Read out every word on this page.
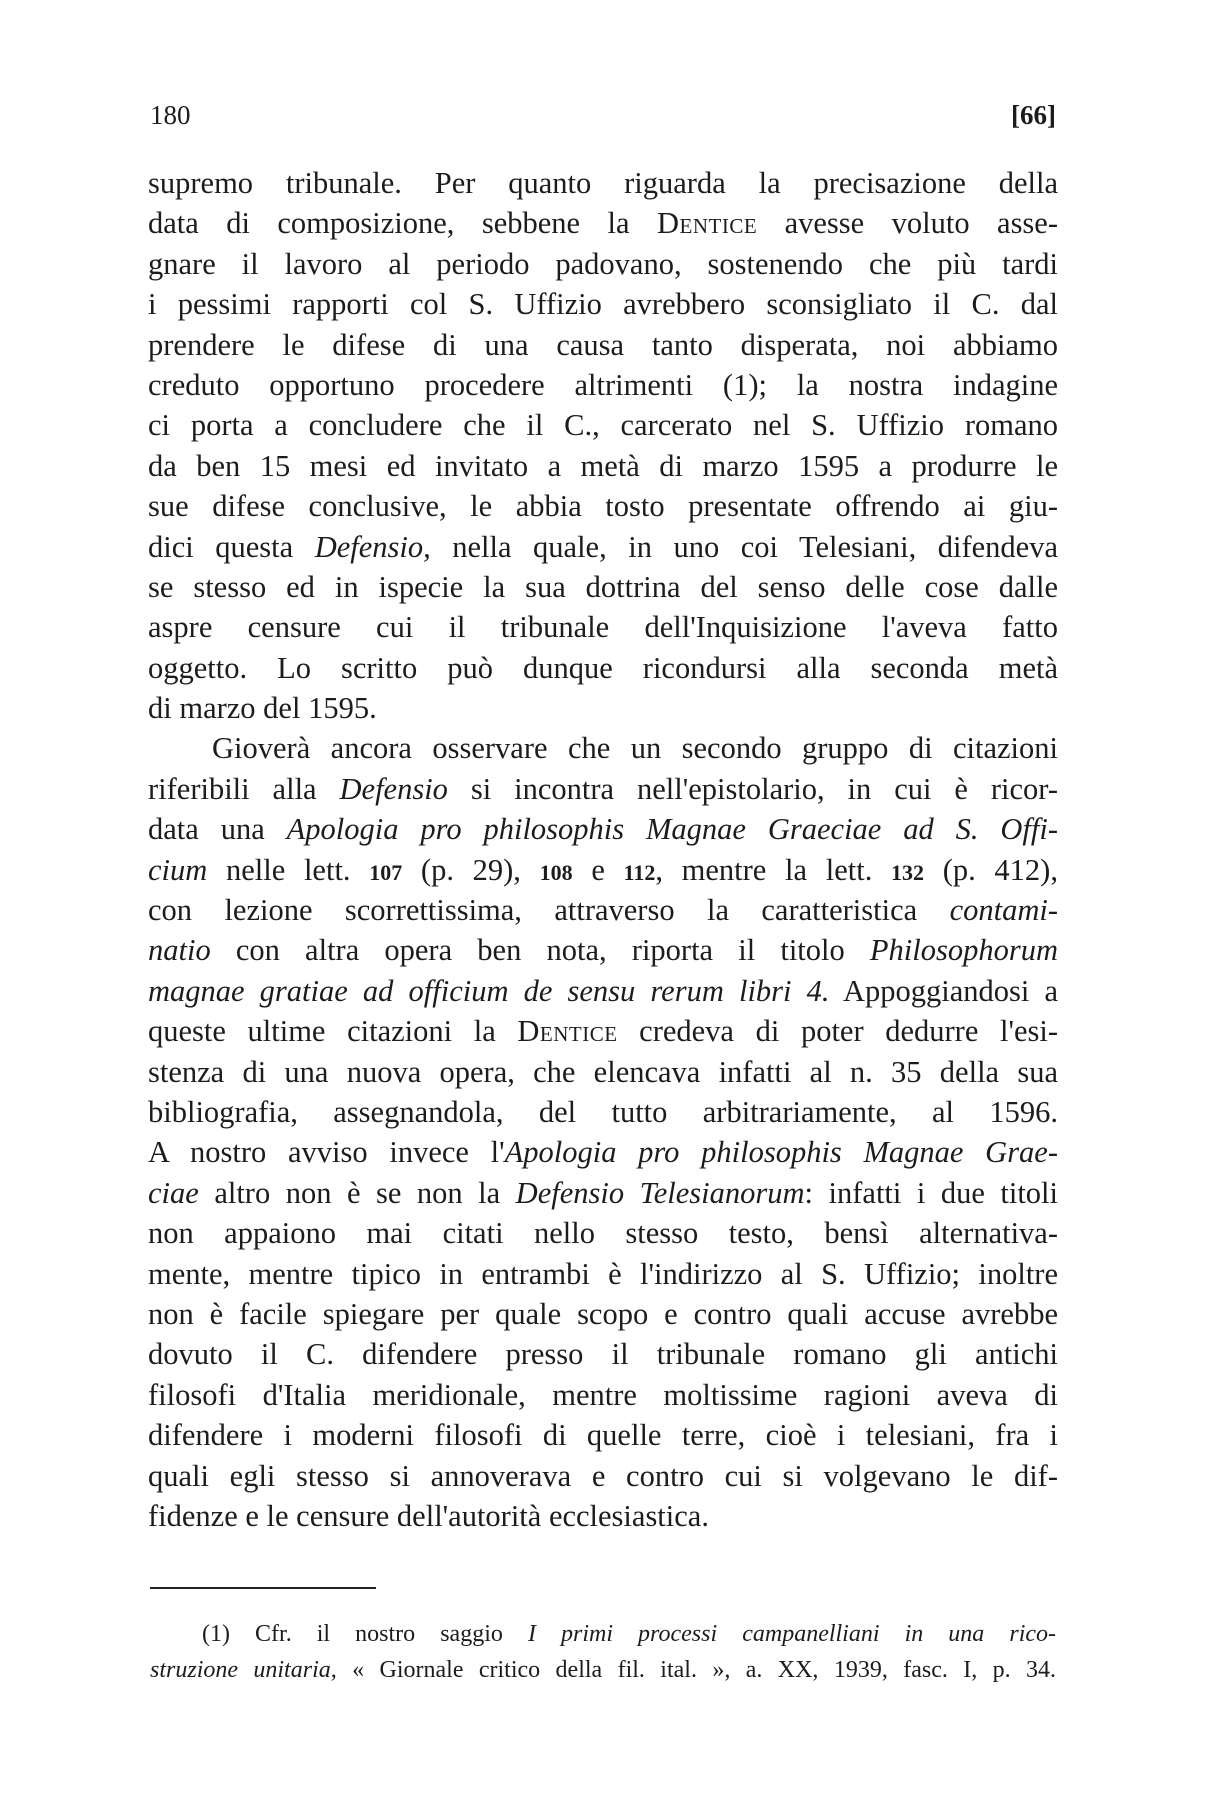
180	[66]
supremo tribunale. Per quanto riguarda la precisazione della
data di composizione, sebbene la Dentice avesse voluto asse-
gnare il lavoro al periodo padovano, sostenendo che più tardi
i pessimi rapporti col S. Uffizio avrebbero sconsigliato il C. dal
prendere le difese di una causa tanto disperata, noi abbiamo
creduto opportuno procedere altrimenti (1); la nostra indagine
ci porta a concludere che il C., carcerato nel S. Uffizio romano
da ben 15 mesi ed invitato a metà di marzo 1595 a produrre le
sue difese conclusive, le abbia tosto presentate offrendo ai giu-
dici questa Defensio, nella quale, in uno coi Telesiani, difendeva
se stesso ed in ispecie la sua dottrina del senso delle cose dalle
aspre censure cui il tribunale dell'Inquisizione l'aveva fatto
oggetto. Lo scritto può dunque ricondursi alla seconda metà
di marzo del 1595.
Gioverà ancora osservare che un secondo gruppo di citazioni
riferibili alla Defensio si incontra nell'epistolario, in cui è ricor-
data una Apologia pro philosophis Magnae Graeciae ad S. Offi-
cium nelle lett. 107 (p. 29), 108 e 112, mentre la lett. 132 (p. 412),
con lezione scorrettissima, attraverso la caratteristica contami-
natio con altra opera ben nota, riporta il titolo Philosophorum
magnae gratiae ad officium de sensu rerum libri 4. Appoggiandosi a
queste ultime citazioni la Dentice credeva di poter dedurre l'esi-
stenza di una nuova opera, che elencava infatti al n. 35 della sua
bibliografia, assegnandola, del tutto arbitrariamente, al 1596.
A nostro avviso invece l'Apologia pro philosophis Magnae Grae-
ciae altro non è se non la Defensio Telesianorum: infatti i due titoli
non appaiono mai citati nello stesso testo, bensì alternativa-
mente, mentre tipico in entrambi è l'indirizzo al S. Uffizio; inoltre
non è facile spiegare per quale scopo e contro quali accuse avrebbe
dovuto il C. difendere presso il tribunale romano gli antichi
filosofi d'Italia meridionale, mentre moltissime ragioni aveva di
difendere i moderni filosofi di quelle terre, cioè i telesiani, fra i
quali egli stesso si annoverava e contro cui si volgevano le dif-
fidenze e le censure dell'autorità ecclesiastica.
(1) Cfr. il nostro saggio I primi processi campanelliani in una rico-
struzione unitaria, « Giornale critico della fil. ital. », a. XX, 1939, fasc. I, p. 34.
